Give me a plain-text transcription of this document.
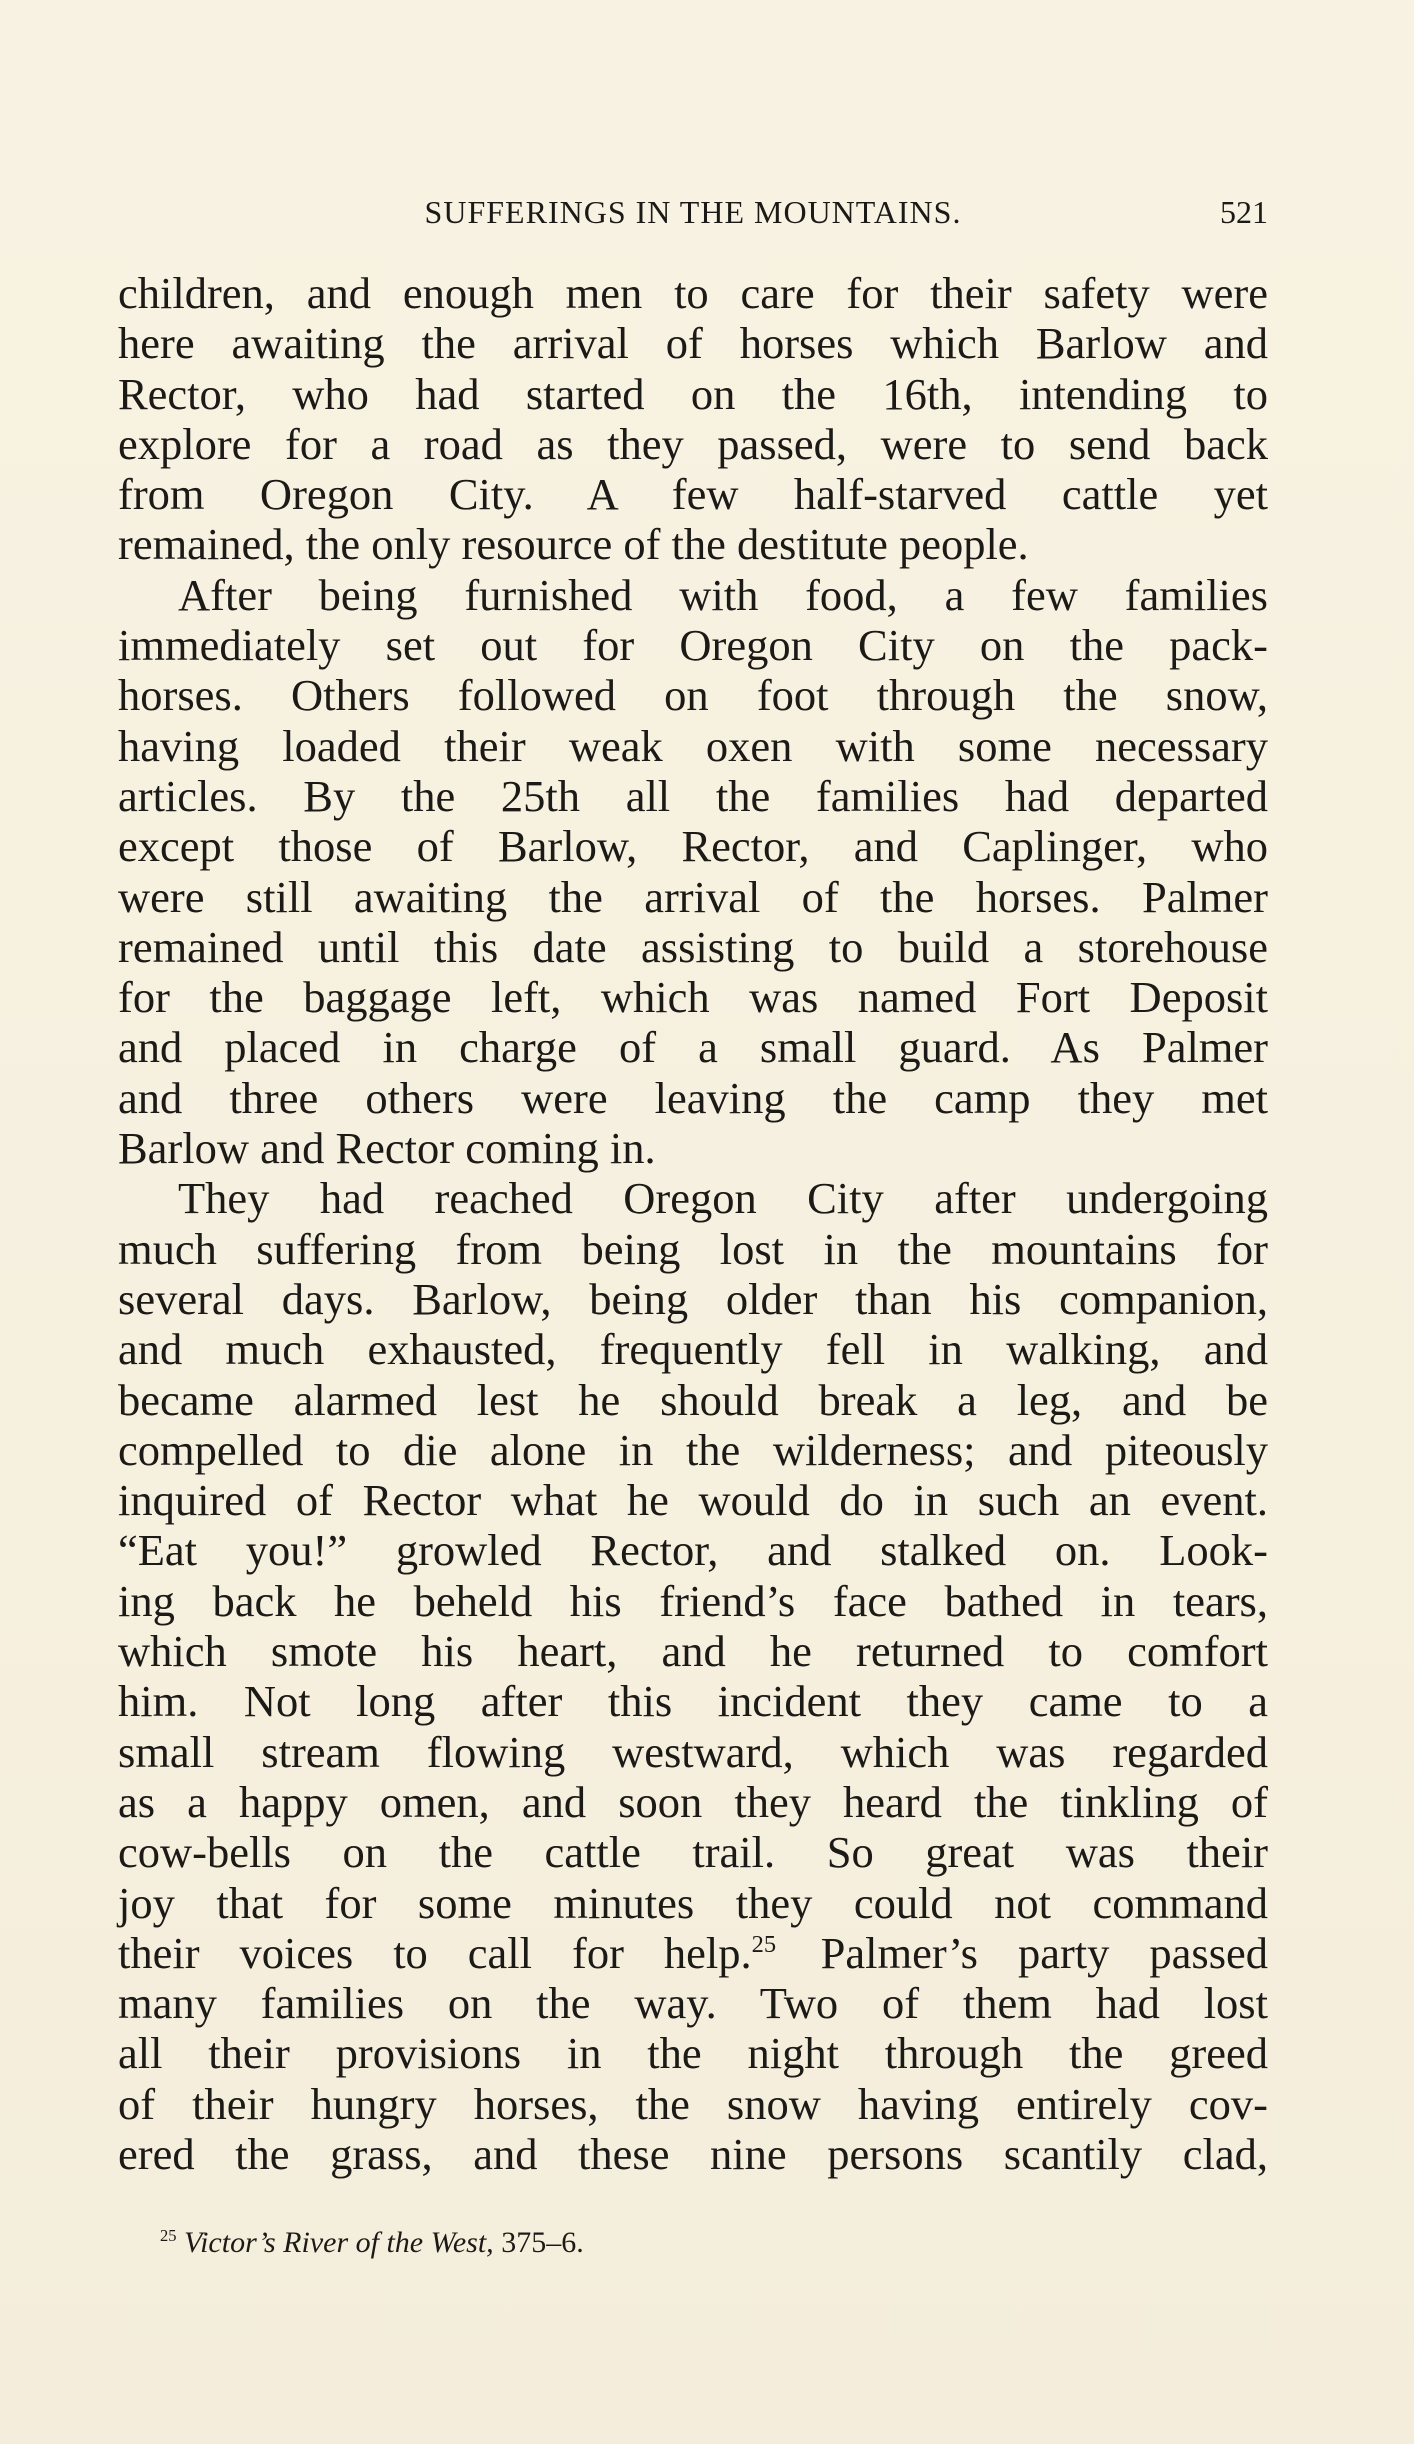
SUFFERINGS IN THE MOUNTAINS.	521
children, and enough men to care for their safety were
here awaiting the arrival of horses which Barlow and
Rector, who had started on the 16th, intending to
explore for a road as they passed, were to send back
from Oregon City. A few half-starved cattle yet
remained, the only resource of the destitute people.
After being furnished with food, a few families
immediately set out for Oregon City on the pack-
horses. Others followed on foot through the snow,
having loaded their weak oxen with some necessary
articles. By the 25th all the families had departed
except those of Barlow, Rector, and Caplinger, who
were still awaiting the arrival of the horses. Palmer
remained until this date assisting to build a storehouse
for the baggage left, which was named Fort Deposit
and placed in charge of a small guard. As Palmer
and three others were leaving the camp they met
Barlow and Rector coming in.
They had reached Oregon City after undergoing
much suffering from being lost in the mountains for
several days. Barlow, being older than his companion,
and much exhausted, frequently fell in walking, and
became alarmed lest he should break a leg, and be
compelled to die alone in the wilderness; and piteously
inquired of Rector what he would do in such an event.
“Eat you!” growled Rector, and stalked on. Look-
ing back he beheld his friend’s face bathed in tears,
which smote his heart, and he returned to comfort
him. Not long after this incident they came to a
small stream flowing westward, which was regarded
as a happy omen, and soon they heard the tinkling of
cow-bells on the cattle trail. So great was their
joy that for some minutes they could not command
their voices to call for help.$^{25}$  Palmer’s party passed
many families on the way. Two of them had lost
all their provisions in the night through the greed
of their hungry horses, the snow having entirely cov-
ered the grass, and these nine persons scantily clad,
$^{25}$ Victor’s River of the West, 375–6.
